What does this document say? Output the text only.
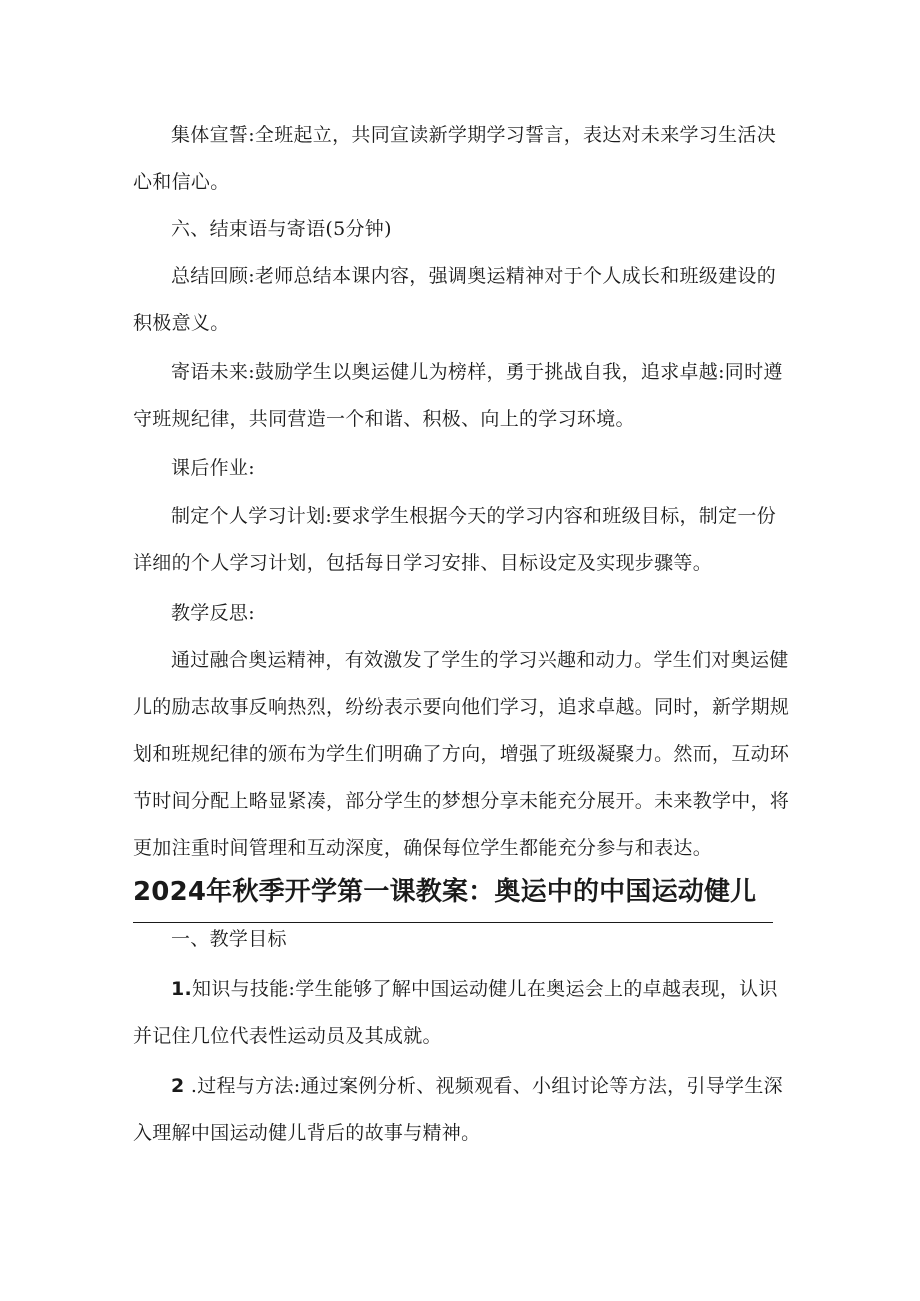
集体宣誓:全班起立，共同宣读新学期学习誓言，表达对未来学习生活决心和信心。

六、结束语与寄语(5分钟)

总结回顾:老师总结本课内容，强调奥运精神对于个人成长和班级建设的积极意义。

寄语未来:鼓励学生以奥运健儿为榜样，勇于挑战自我，追求卓越:同时遵守班规纪律，共同营造一个和谐、积极、向上的学习环境。

课后作业:

制定个人学习计划:要求学生根据今天的学习内容和班级目标，制定一份详细的个人学习计划，包括每日学习安排、目标设定及实现步骤等。

教学反思:

通过融合奥运精神，有效激发了学生的学习兴趣和动力。学生们对奥运健儿的励志故事反响热烈，纷纷表示要向他们学习，追求卓越。同时，新学期规划和班规纪律的颁布为学生们明确了方向，增强了班级凝聚力。然而，互动环节时间分配上略显紧凑，部分学生的梦想分享未能充分展开。未来教学中，将更加注重时间管理和互动深度，确保每位学生都能充分参与和表达。

2024年秋季开学第一课教案：奥运中的中国运动健儿

一、教学目标

1.知识与技能:学生能够了解中国运动健儿在奥运会上的卓越表现，认识并记住几位代表性运动员及其成就。

2 .过程与方法:通过案例分析、视频观看、小组讨论等方法，引导学生深入理解中国运动健儿背后的故事与精神。
